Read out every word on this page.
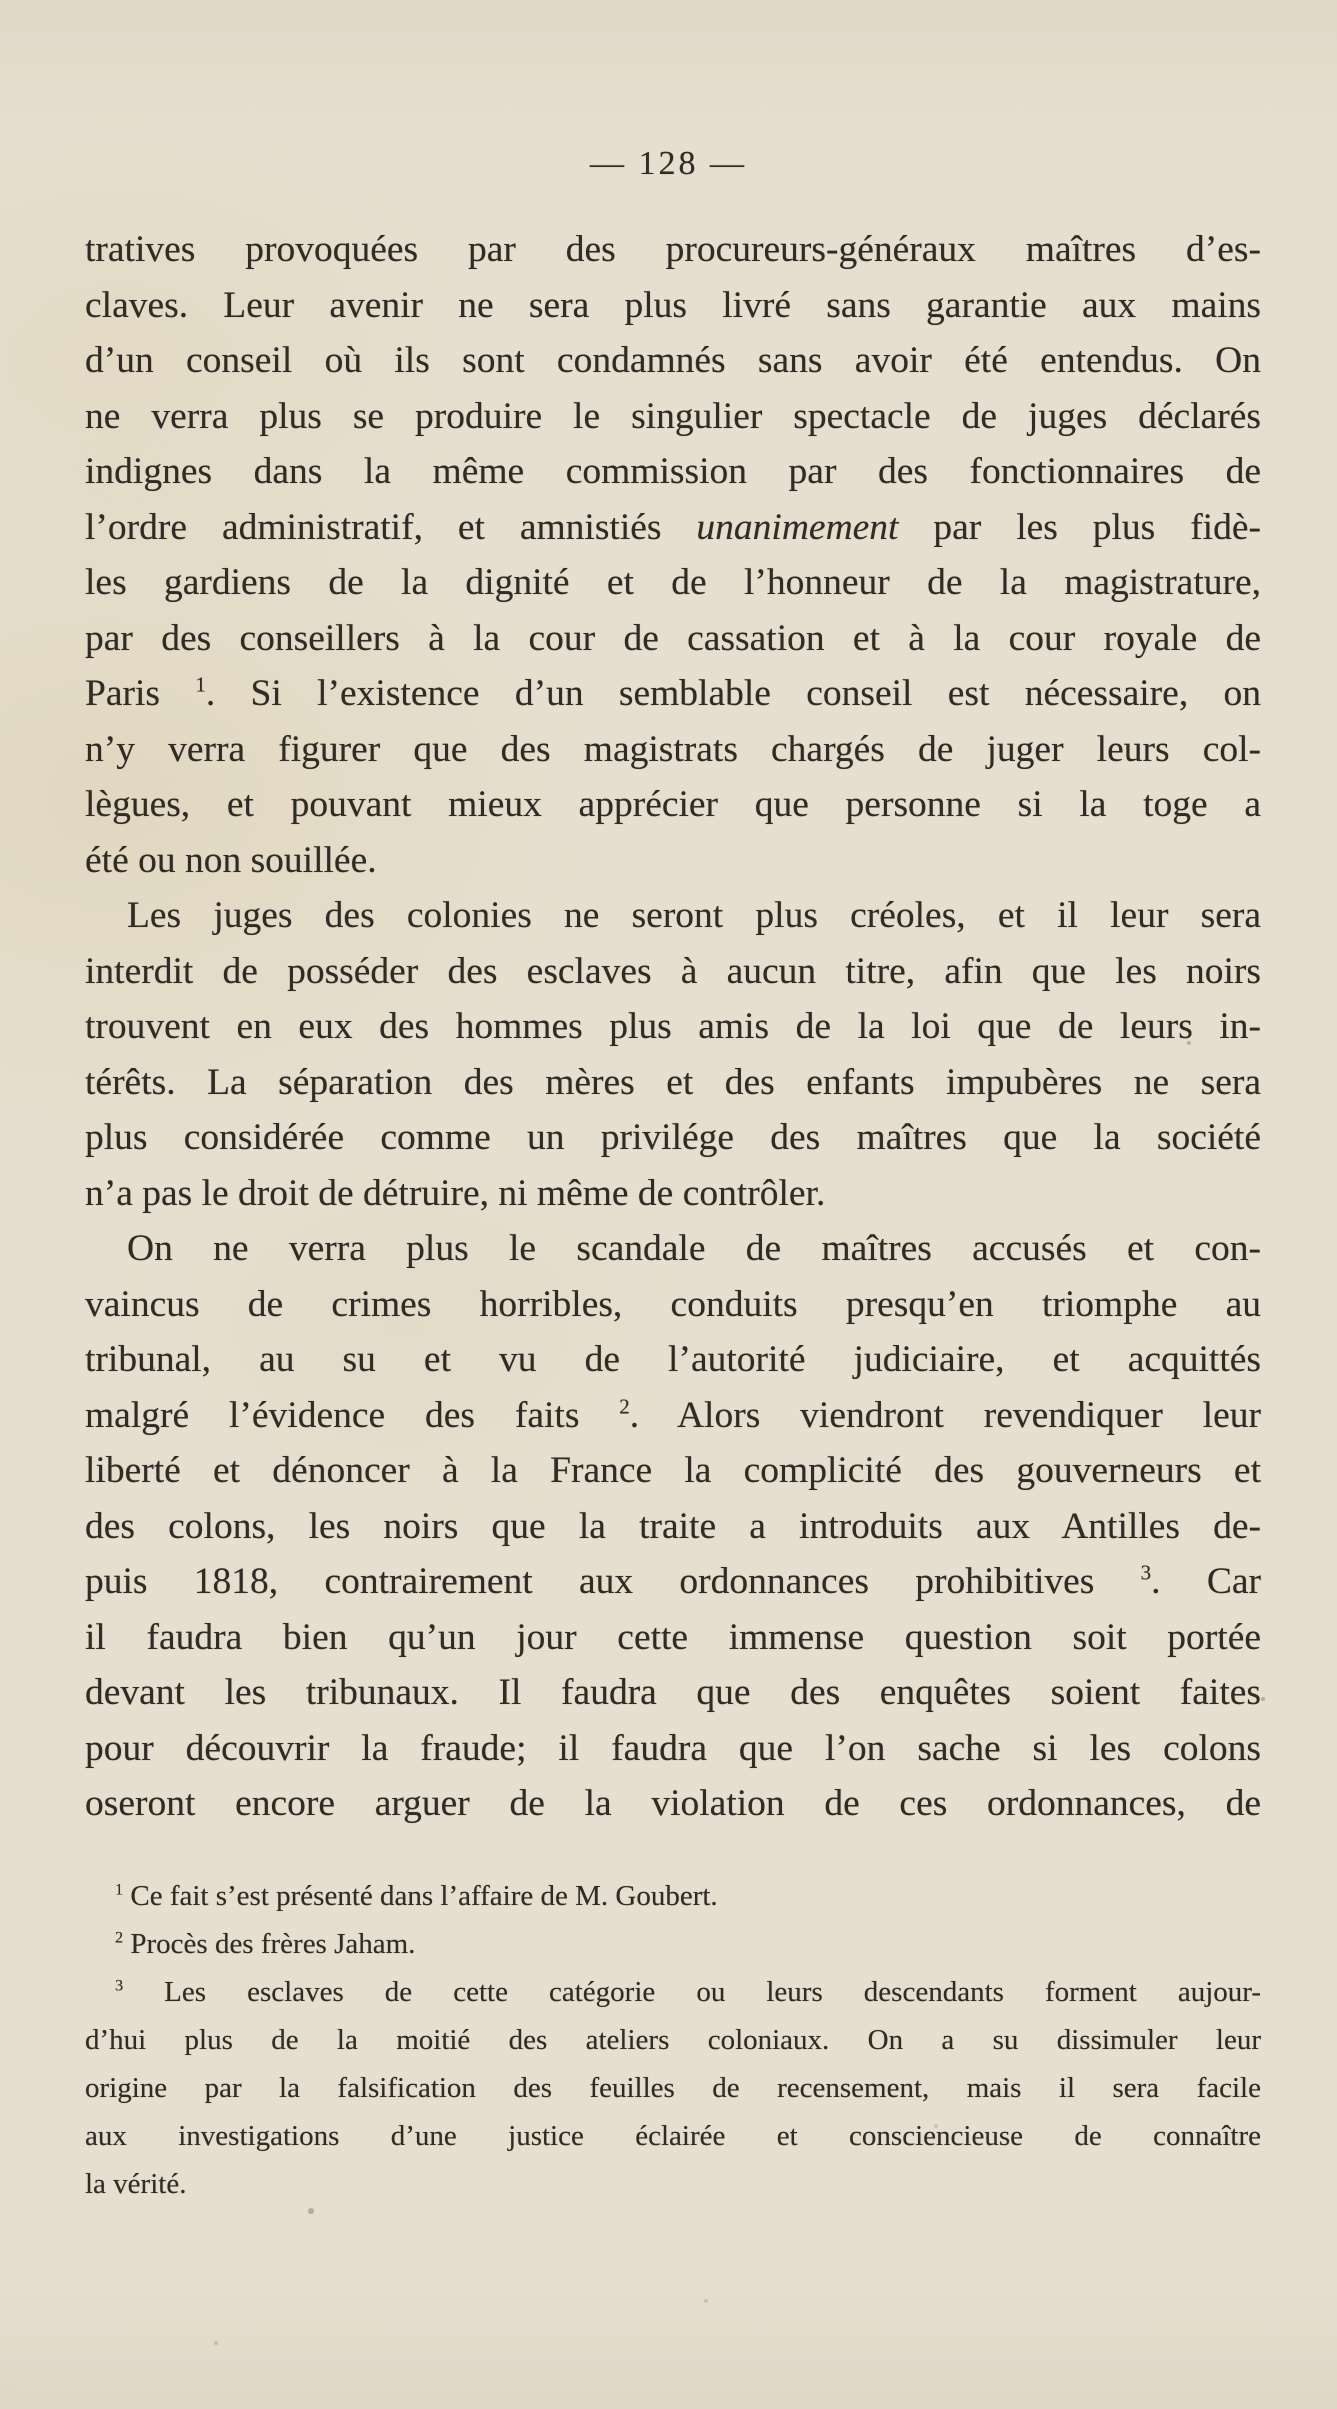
— 128 —
tratives provoquées par des procureurs-généraux maîtres d’es-
claves. Leur avenir ne sera plus livré sans garantie aux mains
d’un conseil où ils sont condamnés sans avoir été entendus. On
ne verra plus se produire le singulier spectacle de juges déclarés
indignes dans la même commission par des fonctionnaires de
l’ordre administratif, et amnistiés unanimement par les plus fidè-
les gardiens de la dignité et de l’honneur de la magistrature,
par des conseillers à la cour de cassation et à la cour royale de
Paris $^1$. Si l’existence d’un semblable conseil est nécessaire, on
n’y verra figurer que des magistrats chargés de juger leurs col-
lègues, et pouvant mieux apprécier que personne si la toge a
été ou non souillée.
Les juges des colonies ne seront plus créoles, et il leur sera
interdit de posséder des esclaves à aucun titre, afin que les noirs
trouvent en eux des hommes plus amis de la loi que de leurs in-
térêts. La séparation des mères et des enfants impubères ne sera
plus considérée comme un privilége des maîtres que la société
n’a pas le droit de détruire, ni même de contrôler.
On ne verra plus le scandale de maîtres accusés et con-
vaincus de crimes horribles, conduits presqu’en triomphe au
tribunal, au su et vu de l’autorité judiciaire, et acquittés
malgré l’évidence des faits $^2$. Alors viendront revendiquer leur
liberté et dénoncer à la France la complicité des gouverneurs et
des colons, les noirs que la traite a introduits aux Antilles de-
puis 1818, contrairement aux ordonnances prohibitives $^3$. Car
il faudra bien qu’un jour cette immense question soit portée
devant les tribunaux. Il faudra que des enquêtes soient faites
pour découvrir la fraude; il faudra que l’on sache si les colons
oseront encore arguer de la violation de ces ordonnances, de
$^1$ Ce fait s’est présenté dans l’affaire de M. Goubert.
$^2$ Procès des frères Jaham.
$^3$ Les esclaves de cette catégorie ou leurs descendants forment aujour-
d’hui plus de la moitié des ateliers coloniaux. On a su dissimuler leur
origine par la falsification des feuilles de recensement, mais il sera facile
aux investigations d’une justice éclairée et consciencieuse de connaître
la vérité.
